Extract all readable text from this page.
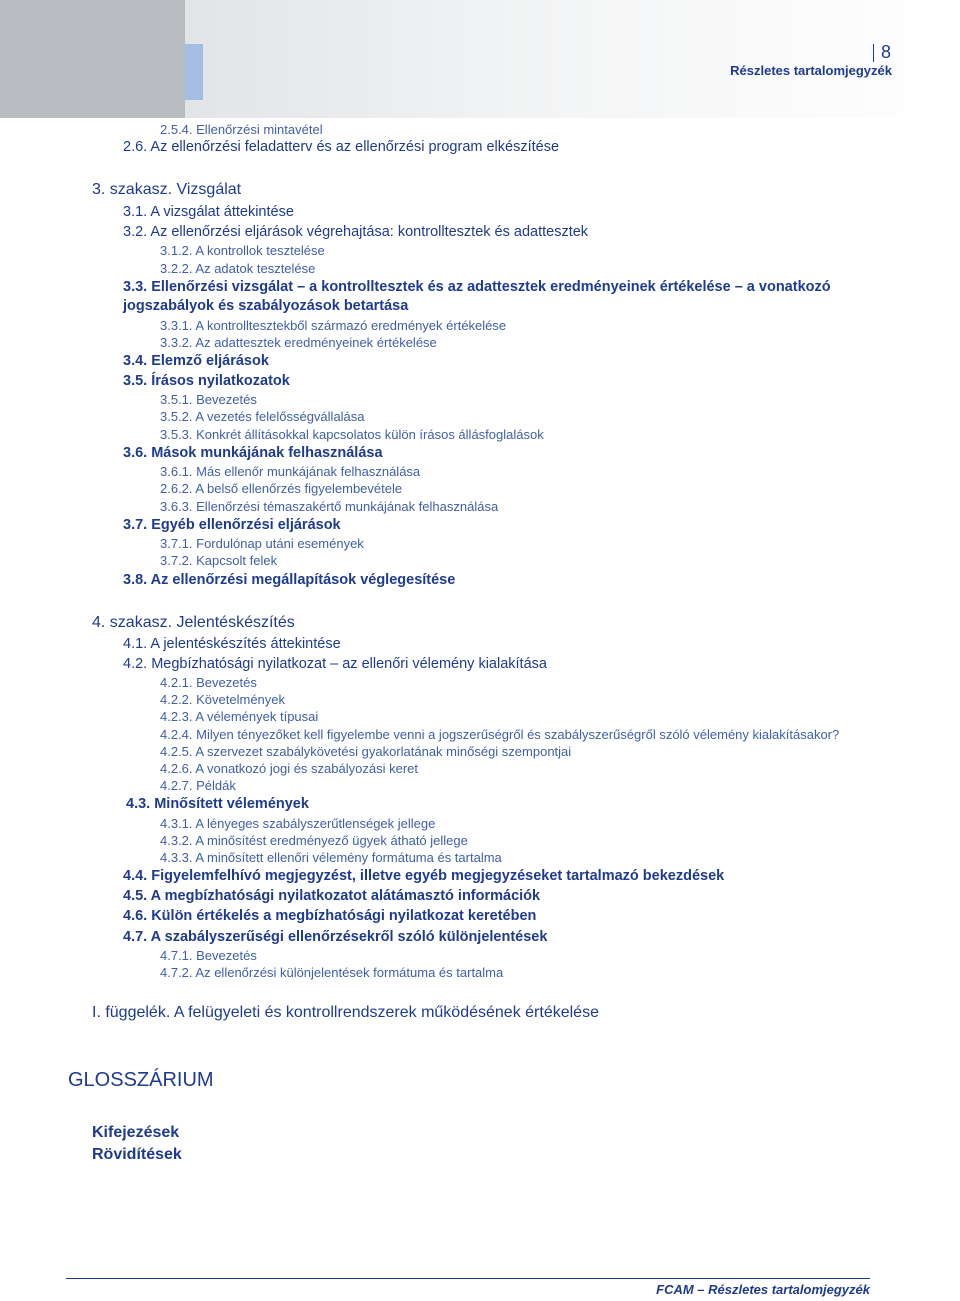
8
Részletes tartalomjegyzék
2.5.4. Ellenőrzési mintavétel
2.6. Az ellenőrzési feladatterv és az ellenőrzési program elkészítése
3. szakasz. Vizsgálat
3.1. A vizsgálat áttekintése
3.2. Az ellenőrzési eljárások végrehajtása: kontrolltesztek és adattesztek
3.1.2. A kontrollok tesztelése
3.2.2. Az adatok tesztelése
3.3. Ellenőrzési vizsgálat – a kontrolltesztek és az adattesztek eredményeinek értékelése – a vonatkozó
jogszabályok és szabályozások betartása
3.3.1. A kontrolltesztekből származó eredmények értékelése
3.3.2. Az adattesztek eredményeinek értékelése
3.4. Elemző eljárások
3.5. Írásos nyilatkozatok
3.5.1. Bevezetés
3.5.2. A vezetés felelősségvállalása
3.5.3. Konkrét állításokkal kapcsolatos külön írásos állásfoglalások
3.6. Mások munkájának felhasználása
3.6.1. Más ellenőr munkájának felhasználása
2.6.2. A belső ellenőrzés figyelembevétele
3.6.3. Ellenőrzési témaszakértő munkájának felhasználása
3.7. Egyéb ellenőrzési eljárások
3.7.1. Fordulónap utáni események
3.7.2. Kapcsolt felek
3.8. Az ellenőrzési megállapítások véglegesítése
4. szakasz. Jelentéskészítés
4.1. A jelentéskészítés áttekintése
4.2. Megbízhatósági nyilatkozat – az ellenőri vélemény kialakítása
4.2.1. Bevezetés
4.2.2. Követelmények
4.2.3. A vélemények típusai
4.2.4. Milyen tényezőket kell figyelembe venni a jogszerűségről és szabályszerűségről szóló vélemény kialakításakor?
4.2.5. A szervezet szabálykövetési gyakorlatának minőségi szempontjai
4.2.6. A vonatkozó jogi és szabályozási keret
4.2.7. Példák
4.3. Minősített vélemények
4.3.1. A lényeges szabályszerűtlenségek jellege
4.3.2. A minősítést eredményező ügyek átható jellege
4.3.3. A minősített ellenőri vélemény formátuma és tartalma
4.4. Figyelemfelhívó megjegyzést, illetve egyéb megjegyzéseket tartalmazó bekezdések
4.5. A megbízhatósági nyilatkozatot alátámasztó információk
4.6. Külön értékelés a megbízhatósági nyilatkozat keretében
4.7. A szabályszerűségi ellenőrzésekről szóló különjelentések
4.7.1. Bevezetés
4.7.2. Az ellenőrzési különjelentések formátuma és tartalma
I. függelék. A felügyeleti és kontrollrendszerek működésének értékelése
GLOSSZÁRIUM
Kifejezések
Rövidítések
FCAM – Részletes tartalomjegyzék
